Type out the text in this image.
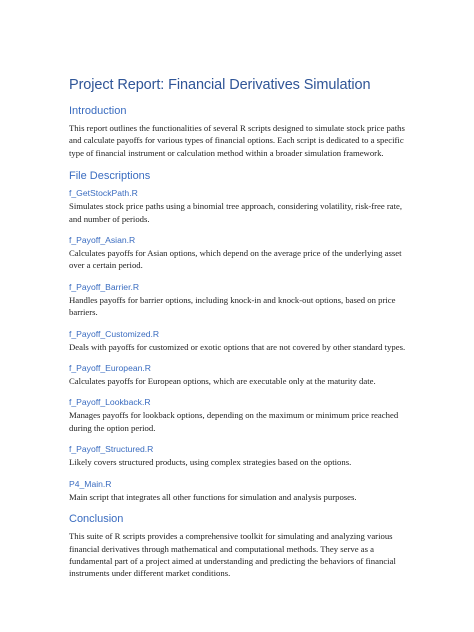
Project Report: Financial Derivatives Simulation
Introduction

This report outlines the functionalities of several R scripts designed to simulate stock price paths and calculate payoffs for various types of financial options. Each script is dedicated to a specific type of financial instrument or calculation method within a broader simulation framework.

File Descriptions
f_GetStockPath.R

Simulates stock price paths using a binomial tree approach, considering volatility, risk-free rate, and number of periods.

f_Payoff_Asian.R

Calculates payoffs for Asian options, which depend on the average price of the underlying asset over a certain period.

f_Payoff_Barrier.R

Handles payoffs for barrier options, including knock-in and knock-out options, based on price barriers.

f_Payoff_Customized.R

Deals with payoffs for customized or exotic options that are not covered by other standard types.

f_Payoff_European.R

Calculates payoffs for European options, which are executable only at the maturity date.

f_Payoff_Lookback.R

Manages payoffs for lookback options, depending on the maximum or minimum price reached during the option period.

f_Payoff_Structured.R

Likely covers structured products, using complex strategies based on the options.

P4_Main.R

Main script that integrates all other functions for simulation and analysis purposes.

Conclusion

This suite of R scripts provides a comprehensive toolkit for simulating and analyzing various financial derivatives through mathematical and computational methods. They serve as a fundamental part of a project aimed at understanding and predicting the behaviors of financial instruments under different market conditions.
